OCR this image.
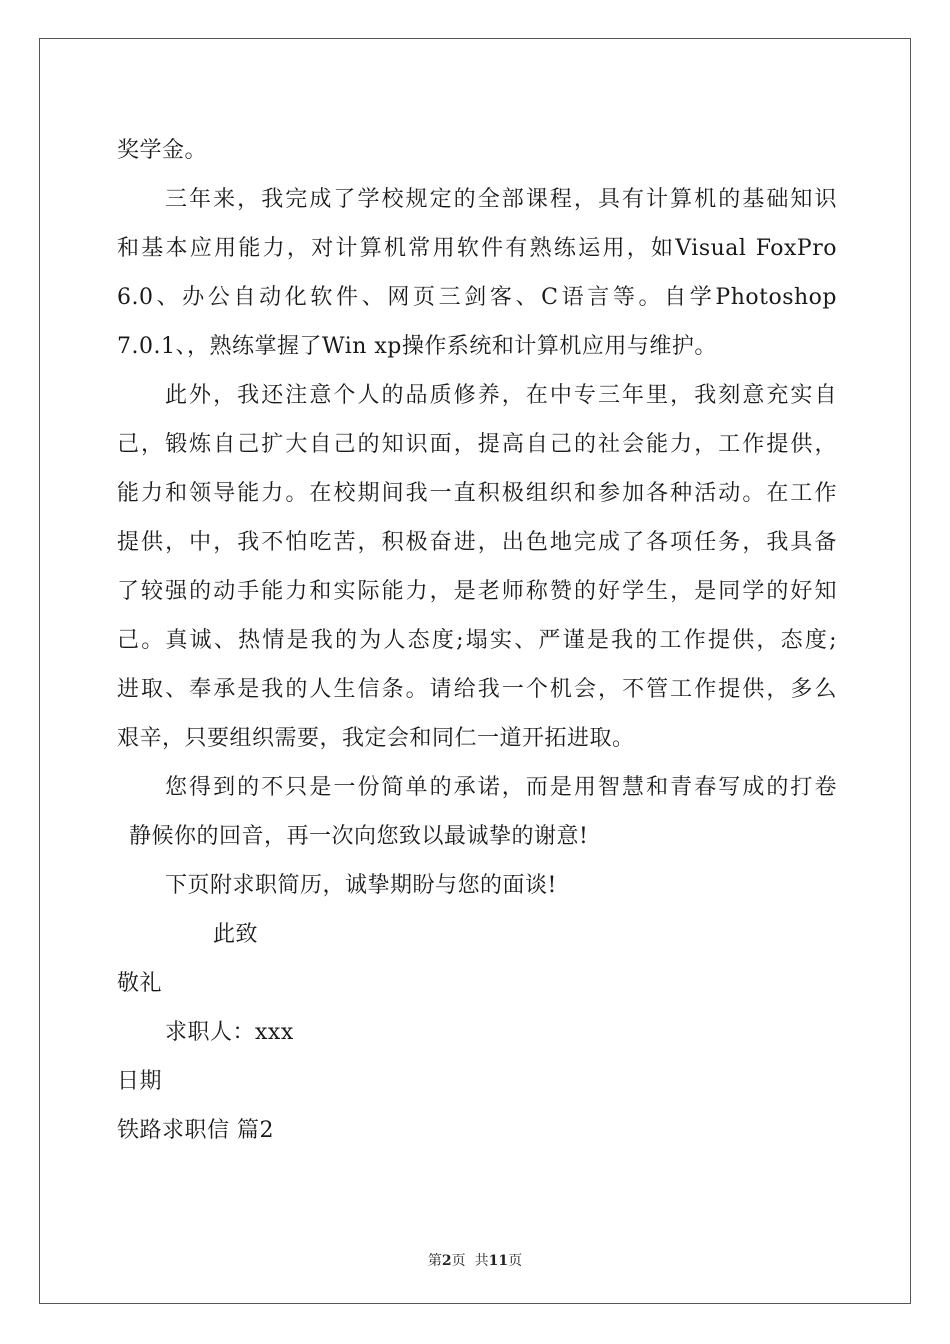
奖学金。
三年来，我完成了学校规定的全部课程，具有计算机的基础知识
和基本应用能力，对计算机常用软件有熟练运用，如Visual FoxPro
6.0、办公自动化软件、网页三剑客、C语言等。自学Photoshop
7.0.1、，熟练掌握了Win xp操作系统和计算机应用与维护。
此外，我还注意个人的品质修养，在中专三年里，我刻意充实自
己，锻炼自己扩大自己的知识面，提高自己的社会能力，工作提供，
能力和领导能力。在校期间我一直积极组织和参加各种活动。在工作
提供，中，我不怕吃苦，积极奋进，出色地完成了各项任务，我具备
了较强的动手能力和实际能力，是老师称赞的好学生，是同学的好知
己。真诚、热情是我的为人态度;塌实、严谨是我的工作提供，态度;
进取、奉承是我的人生信条。请给我一个机会，不管工作提供，多么
艰辛，只要组织需要，我定会和同仁一道开拓进取。
您得到的不只是一份简单的承诺，而是用智慧和青春写成的打卷
静候你的回音，再一次向您致以最诚挚的谢意!
下页附求职简历，诚挚期盼与您的面谈!
此致
敬礼
求职人：xxx
日期
铁路求职信 篇2
第2页  共11页
